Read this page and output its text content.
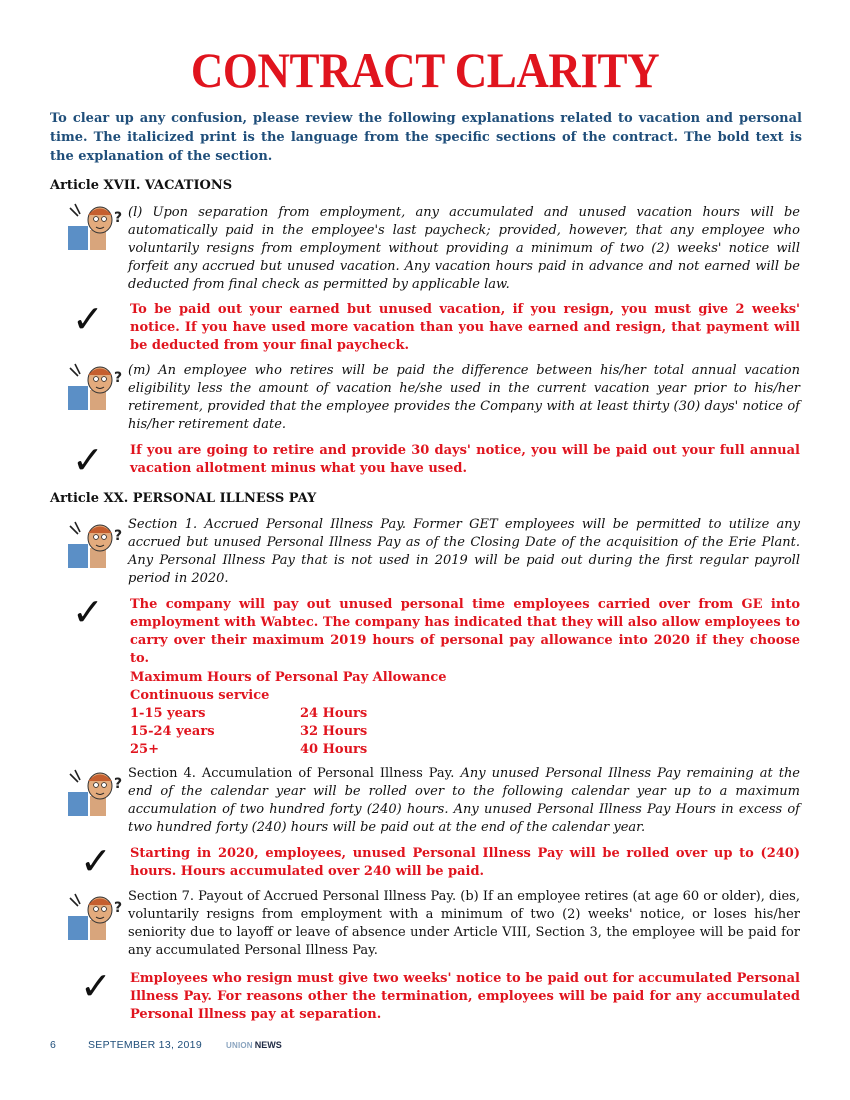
CONTRACT CLARITY
To clear up any confusion, please review the following explanations related to vacation and personal time. The italicized print is the language from the specific sections of the contract. The bold text is the explanation of the section.
Article XVII. VACATIONS
? (l) Upon separation from employment, any accumulated and unused vacation hours will be automatically paid in the employee's last paycheck; provided, however, that any employee who voluntarily resigns from employment without providing a minimum of two (2) weeks' notice will forfeit any accrued but unused vacation. Any vacation hours paid in advance and not earned will be deducted from final check as permitted by applicable law.
✓ To be paid out your earned but unused vacation, if you resign, you must give 2 weeks' notice. If you have used more vacation than you have earned and resign, that payment will be deducted from your final paycheck.
? (m) An employee who retires will be paid the difference between his/her total annual vacation eligibility less the amount of vacation he/she used in the current vacation year prior to his/her retirement, provided that the employee provides the Company with at least thirty (30) days' notice of his/her retirement date.
✓ If you are going to retire and provide 30 days' notice, you will be paid out your full annual vacation allotment minus what you have used.
Article XX. PERSONAL ILLNESS PAY
?
Section 1. Accrued Personal Illness Pay. Former GET employees will be permitted to utilize any accrued but unused Personal Illness Pay as of the Closing Date of the acquisition of the Erie Plant. Any Personal Illness Pay that is not used in 2019 will be paid out during the first regular payroll period in 2020.
✓ The company will pay out unused personal time employees carried over from GE into employment with Wabtec. The company has indicated that they will also allow employees to carry over their maximum 2019 hours of personal pay allowance into 2020 if they choose to.
Maximum Hours of Personal Pay Allowance
Continuous service
1-15 years	24 Hours
15-24 years	32 Hours
25+	40 Hours
?
Section 4. Accumulation of Personal Illness Pay. Any unused Personal Illness Pay remaining at the end of the calendar year will be rolled over to the following calendar year up to a maximum accumulation of two hundred forty (240) hours. Any unused Personal Illness Pay Hours in excess of two hundred forty (240) hours will be paid out at the end of the calendar year.
✓ Starting in 2020, employees, unused Personal Illness Pay will be rolled over up to (240) hours. Hours accumulated over 240 will be paid.
?
Section 7. Payout of Accrued Personal Illness Pay. (b) If an employee retires (at age 60 or older), dies, voluntarily resigns from employment with a minimum of two (2) weeks' notice, or loses his/her seniority due to layoff or leave of absence under Article VIII, Section 3, the employee will be paid for any accumulated Personal Illness Pay.
✓ Employees who resign must give two weeks' notice to be paid out for accumulated Personal Illness Pay. For reasons other the termination, employees will be paid for any accumulated Personal Illness pay at separation.
6	SEPTEMBER 13, 2019	UNION NEWS
